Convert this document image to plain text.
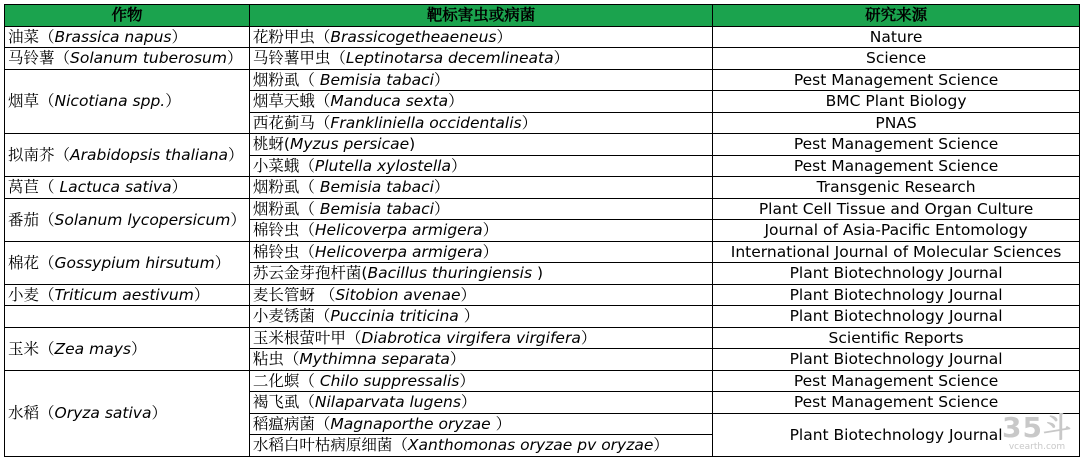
作物	靶标害虫或病菌	研究来源
油菜（Brassica napus）	花粉甲虫（Brassicogetheaeneus）	Nature
马铃薯（Solanum tuberosum）	马铃薯甲虫（Leptinotarsa decemlineata）	Science
烟草（Nicotiana spp.）	烟粉虱（ Bemisia tabaci）	Pest Management Science
	烟草天蛾（Manduca sexta）	BMC Plant Biology
	西花蓟马（Frankliniella occidentalis）	PNAS
拟南芥（Arabidopsis thaliana）	桃蚜(Myzus persicae)	Pest Management Science
	小菜蛾（Plutella xylostella）	Pest Management Science
莴苣（ Lactuca sativa）	烟粉虱（ Bemisia tabaci）	Transgenic Research
番茄（Solanum lycopersicum）	烟粉虱（ Bemisia tabaci）	Plant Cell Tissue and Organ Culture
	棉铃虫（Helicoverpa armigera）	Journal of Asia-Pacific Entomology
棉花（Gossypium hirsutum）	棉铃虫（Helicoverpa armigera）	International Journal of Molecular Sciences
	苏云金芽孢杆菌(Bacillus thuringiensis )	Plant Biotechnology Journal
小麦（Triticum aestivum）	麦长管蚜 （Sitobion avenae）	Plant Biotechnology Journal
	小麦锈菌（Puccinia triticina ）	Plant Biotechnology Journal
玉米（Zea mays）	玉米根萤叶甲（Diabrotica virgifera virgifera）	Scientific Reports
	粘虫（Mythimna separata）	Plant Biotechnology Journal
水稻（Oryza sativa）	二化螟（ Chilo suppressalis）	Pest Management Science
	褐飞虱（Nilaparvata lugens）	Pest Management Science
	稻瘟病菌（Magnaporthe oryzae ）	Plant Biotechnology Journal
	水稻白叶枯病原细菌（Xanthomonas oryzae pv oryzae）	
35斗
vcearth.com
